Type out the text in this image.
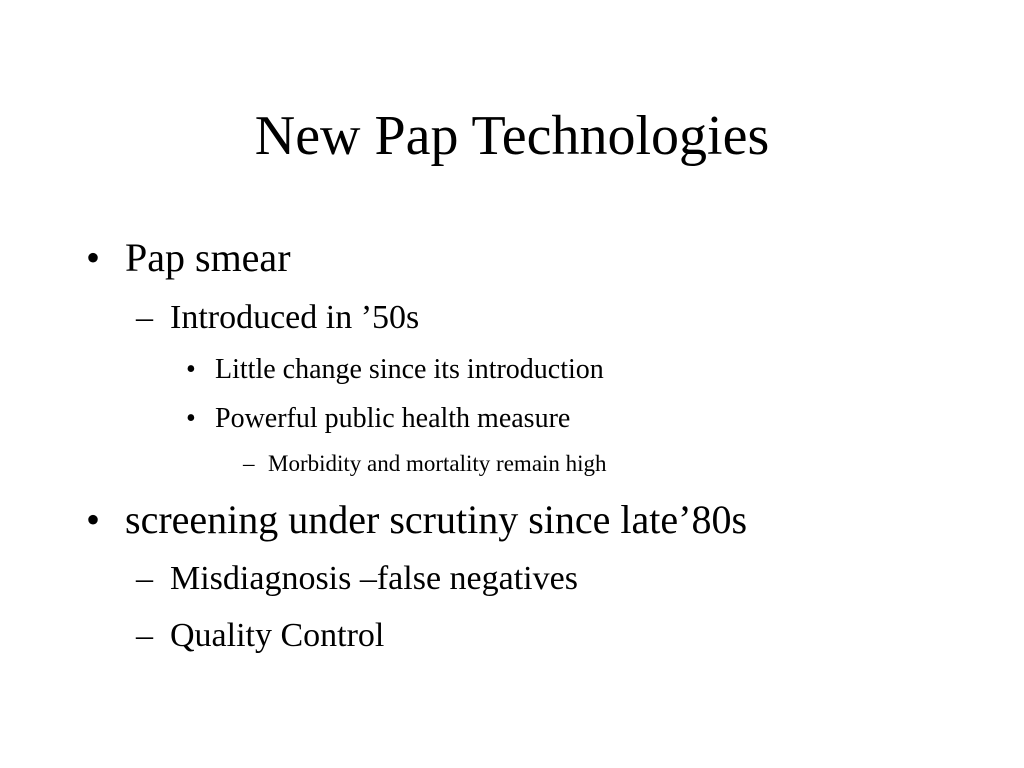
New Pap Technologies
• Pap smear
– Introduced in ’50s
• Little change since its introduction
• Powerful public health measure
– Morbidity and mortality remain high
• screening under scrutiny since late’80s
– Misdiagnosis –false negatives
– Quality Control
